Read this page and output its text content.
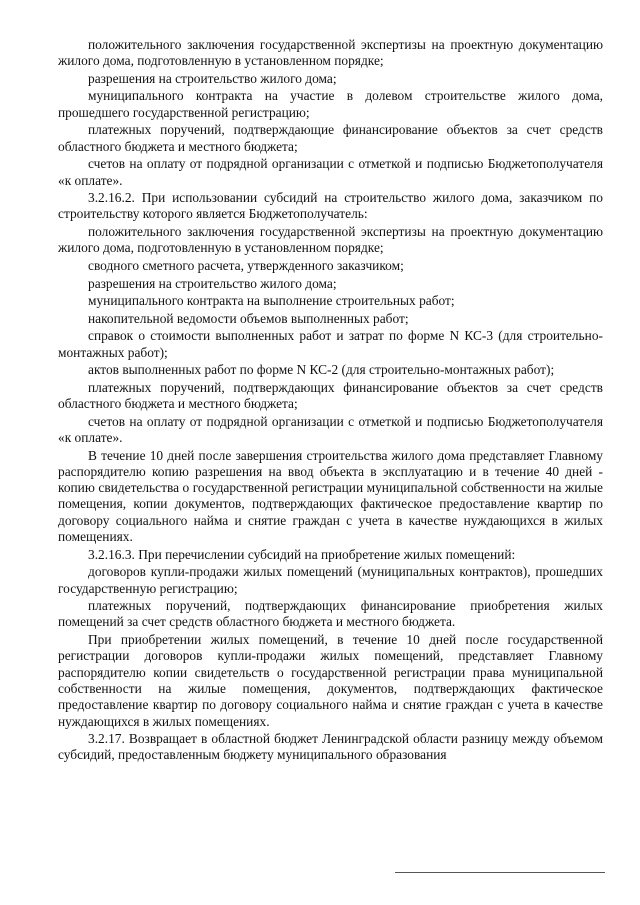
положительного заключения государственной экспертизы на проектную документацию жилого дома, подготовленную в установленном порядке;

разрешения на строительство жилого дома;

муниципального контракта на участие в долевом строительстве жилого дома, прошедшего государственной регистрацию;

платежных поручений, подтверждающие финансирование объектов за счет средств областного бюджета и местного бюджета;

счетов на оплату от подрядной организации с отметкой и подписью Бюджетополучателя «к оплате».

3.2.16.2. При использовании субсидий на строительство жилого дома, заказчиком по строительству которого является Бюджетополучатель:

положительного заключения государственной экспертизы на проектную документацию жилого дома, подготовленную в установленном порядке;

сводного сметного расчета, утвержденного заказчиком;

разрешения на строительство жилого дома;

муниципального контракта на выполнение строительных работ;

накопительной ведомости объемов выполненных работ;

справок о стоимости выполненных работ и затрат по форме N КС-3 (для строительно-монтажных работ);

актов выполненных работ по форме N КС-2 (для строительно-монтажных работ);

платежных поручений, подтверждающих финансирование объектов за счет средств областного бюджета и местного бюджета;

счетов на оплату от подрядной организации с отметкой и подписью Бюджетополучателя «к оплате».

В течение 10 дней после завершения строительства жилого дома представляет Главному распорядителю копию разрешения на ввод объекта в эксплуатацию и в течение 40 дней - копию свидетельства о государственной регистрации муниципальной собственности на жилые помещения, копии документов, подтверждающих фактическое предоставление квартир по договору социального найма и снятие граждан с учета в качестве нуждающихся в жилых помещениях.

3.2.16.3. При перечислении субсидий на приобретение жилых помещений:

договоров купли-продажи жилых помещений (муниципальных контрактов), прошедших государственную регистрацию;

платежных поручений, подтверждающих финансирование приобретения жилых помещений за счет средств областного бюджета и местного бюджета.

При приобретении жилых помещений, в течение 10 дней после государственной регистрации договоров купли-продажи жилых помещений, представляет Главному распорядителю копии свидетельств о государственной регистрации права муниципальной собственности на жилые помещения, документов, подтверждающих фактическое предоставление квартир по договору социального найма и снятие граждан с учета в качестве нуждающихся в жилых помещениях.

3.2.17. Возвращает в областной бюджет Ленинградской области разницу между объемом субсидий, предоставленным бюджету муниципального образования
